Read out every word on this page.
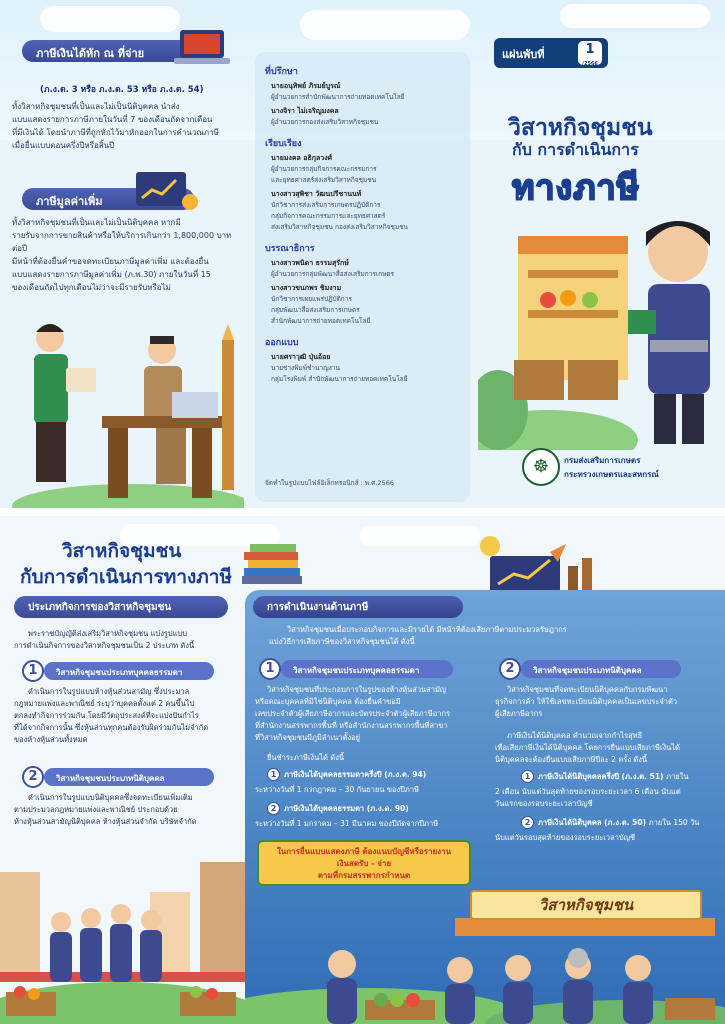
ภาษีเงินได้หัก ณ ที่จ่าย
(ภ.ง.ด. 3 หรือ ภ.ง.ด. 53 หรือ ภ.ง.ด. 54)
ทั้งวิสาหกิจชุมชนที่เป็นและไม่เป็นนิติบุคคล นำส่ง
แบบแสดงรายการภาษีภายในวันที่ 7 ของเดือนถัดจากเดือน
ที่มีเงินได้ โดยนำภาษีที่ถูกหักไว้มาหักออกในการคำนวณภาษี
เมื่อยื่นแบบตอนครึ่งปีหรือสิ้นปี
ภาษีมูลค่าเพิ่ม
ทั้งวิสาหกิจชุมชนที่เป็นและไม่เป็นนิติบุคคล หากมี
รายรับจากการขายสินค้าหรือให้บริการเกินกว่า 1,800,000 บาทต่อปี
มีหน้าที่ต้องยื่นคำขอจดทะเบียนภาษีมูลค่าเพิ่ม และต้องยื่น
แบบแสดงรายการภาษีมูลค่าเพิ่ม (ภ.พ.30) ภายในวันที่ 15
ของเดือนถัดไปทุกเดือนไม่ว่าจะมีรายรับหรือไม่
ที่ปรึกษา
นายอนุทิพย์ ภิรมย์บูรณ์
ผู้อำนวยการสำนักพัฒนาการถ่ายทอดเทคโนโลยี
นางจิรา ไม่เจริญมงคล
ผู้อำนวยการกองส่งเสริมวิสาหกิจชุมชน
เรียบเรียง
นายมงคล อธิกุลวงศ์
ผู้อำนวยการกลุ่มกิจการคณะกรรมการ
และยุทธศาสตร์ส่งเสริมวิสาหกิจชุมชน
นางสาวสุพิชา วัฒนปรีชานนท์
นักวิชาการส่งเสริมการเกษตรปฏิบัติการ
กลุ่มกิจการคณะกรรมการและยุทธศาสตร์
ส่งเสริมวิสาหกิจชุมชน กองส่งเสริมวิสาหกิจชุมชน
บรรณาธิการ
นางสาวพนิดา ธรรมสุรักษ์
ผู้อำนวยการกลุ่มพัฒนาสื่อส่งเสริมการเกษตร
นางสาวขนกพร ชิมงาม
นักวิชาการเผยแพร่ปฏิบัติการ
กลุ่มพัฒนาสื่อส่งเสริมการเกษตร
สำนักพัฒนาการถ่ายทอดเทคโนโลยี
ออกแบบ
นายศราวุฒิ ปุ่นอ้อย
นายช่างพิมพ์ชำนาญงาน
กลุ่มโรงพิมพ์ สำนักพัฒนาการถ่ายทอดเทคโนโลยี
จัดทำในรูปแบบไฟล์อิเล็กทรอนิกส์ : พ.ศ.2566
แผ่นพับที่	1
/2566
วิสาหกิจชุมชน
กับ การดำเนินการ
ทางภาษี
☸	กรมส่งเสริมการเกษตร
กระทรวงเกษตรและสหกรณ์
วิสาหกิจชุมชน
กับการดำเนินการทางภาษี
ประเภทกิจการของวิสาหกิจชุมชน
พระราชบัญญัติส่งเสริมวิสาหกิจชุมชน แบ่งรูปแบบ
การดำเนินกิจการของวิสาหกิจชุมชนเป็น 2 ประเภท ดังนี้
1	วิสาหกิจชุมชนประเภทบุคคลธรรมดา
ดำเนินการในรูปแบบห้างหุ้นส่วนสามัญ ซึ่งประมวล
กฎหมายแพ่งและพาณิชย์ ระบุว่าบุคคลตั้งแต่ 2 คนขึ้นไป
ตกลงทำกิจการร่วมกัน โดยมีวัตถุประสงค์ที่จะแบ่งปันกำไร
ที่ได้จากกิจการนั้น ซึ่งหุ้นส่วนทุกคนต้องรับผิดร่วมกันไม่จำกัด
ของห้างหุ้นส่วนทั้งหมด
2	วิสาหกิจชุมชนประเภทนิติบุคคล
ดำเนินการในรูปแบบนิติบุคคลซึ่งจดทะเบียนเพิ่มเติม
ตามประมวลกฎหมายแพ่งและพาณิชย์ ประกอบด้วย
ห้างหุ้นส่วนสามัญนิติบุคคล ห้างหุ้นส่วนจำกัด บริษัทจำกัด
การดำเนินงานด้านภาษี
วิสาหกิจชุมชนเมื่อประกอบกิจการและมีรายได้ มีหน้าที่ต้องเสียภาษีตามประมวลรัษฎากร
แบ่งวิธีการเสียภาษีของวิสาหกิจชุมชนได้ ดังนี้
1	วิสาหกิจชุมชนประเภทบุคคลธรรมดา
วิสาหกิจชุมชนที่ประกอบการในรูปของห้างหุ้นส่วนสามัญ
หรือคณะบุคคลที่มิใช่นิติบุคคล ต้องยื่นคำขอมี
เลขประจำตัวผู้เสียภาษีอากรและบัตรประจำตัวผู้เสียภาษีอากร
ที่สำนักงานสรรพากรพื้นที่ หรือสำนักงานสรรพากรพื้นที่สาขา
ที่วิสาหกิจชุมชนมีภูมิลำเนาตั้งอยู่
ยื่นชำระภาษีเงินได้ ดังนี้
1 ภาษีเงินได้บุคคลธรรมดาครึ่งปี (ภ.ง.ด. 94)
ระหว่างวันที่ 1 กรกฎาคม – 30 กันยายน ของปีภาษี
2 ภาษีเงินได้บุคคลธรรมดา (ภ.ง.ด. 90)
ระหว่างวันที่ 1 มกราคม – 31 มีนาคม ของปีถัดจากปีภาษี
ในการยื่นแบบแสดงภาษี ต้องแนบบัญชีหรือรายงาน
เงินสดรับ - จ่าย
ตามที่กรมสรรพากรกำหนด
2	วิสาหกิจชุมชนประเภทนิติบุคคล
วิสาหกิจชุมชนที่จดทะเบียนนิติบุคคลกับกรมพัฒนา
ธุรกิจการค้า ให้ใช้เลขทะเบียนนิติบุคคลเป็นเลขประจำตัว
ผู้เสียภาษีอากร
ภาษีเงินได้นิติบุคคล คำนวณจากกำไรสุทธิ
เพื่อเสียภาษีเงินได้นิติบุคคล โดยการยื่นแบบเสียภาษีเงินได้
นิติบุคคลจะต้องยื่นแบบเสียภาษีปีละ 2 ครั้ง ดังนี้
1 ภาษีเงินได้นิติบุคคลครึ่งปี (ภ.ง.ด. 51) ภายใน
2 เดือน นับแต่วันสุดท้ายของรอบระยะเวลา 6 เดือน นับแต่
วันแรกของรอบระยะเวลาบัญชี
2 ภาษีเงินได้นิติบุคคล (ภ.ง.ด. 50) ภายใน 150 วัน
นับแต่วันรอบสุดท้ายของรอบระยะเวลาบัญชี
วิสาหกิจชุมชน
